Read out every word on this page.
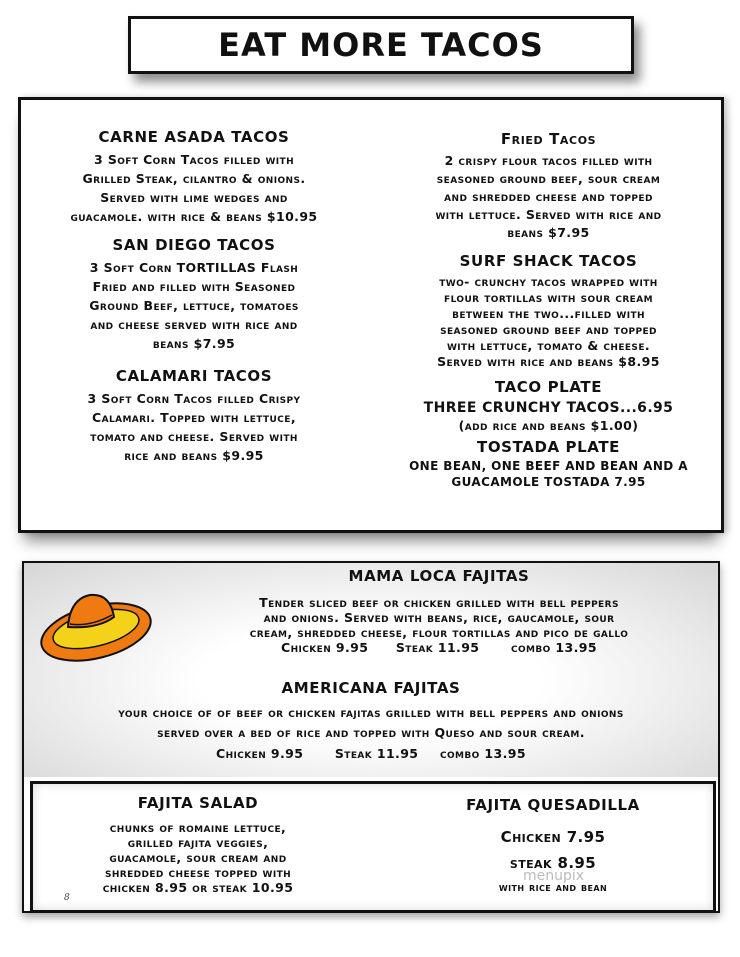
EAT MORE TACOS

CARNE ASADA TACOS

3 Soft Corn Tacos filled with

Grilled Steak, cilantro & onions.

Served with lime wedges and

guacamole. with rice & beans $10.95

SAN DIEGO TACOS

3 Soft Corn TORTILLAS Flash

Fried and filled with Seasoned

Ground Beef, lettuce, tomatoes

and cheese served with rice and

beans $7.95

CALAMARI TACOS

3 Soft Corn Tacos filled Crispy

Calamari. Topped with lettuce,

tomato and cheese. Served with

rice and beans $9.95

Fried Tacos

2 crispy flour tacos filled with

seasoned ground beef, sour cream

and shredded cheese and topped

with lettuce. Served with rice and

beans $7.95

SURF SHACK TACOS

two- crunchy tacos wrapped with

flour tortillas with sour cream

between the two...filled with

seasoned ground beef and topped

with lettuce, tomato & cheese.

Served with rice and beans $8.95

TACO PLATE

THREE CRUNCHY TACOS...6.95

(add rice and beans $1.00)

TOSTADA PLATE

ONE BEAN, ONE BEEF AND BEAN AND A

GUACAMOLE TOSTADA 7.95

MAMA LOCA FAJITAS

Tender sliced beef or chicken grilled with bell peppers

and onions. Served with beans, rice, gaucamole, sour

cream, shredded cheese, flour tortillas and pico de gallo

Chicken 9.95 Steak 11.95	combo 13.95

AMERICANA FAJITAS

your choice of of beef or chicken fajitas grilled with bell peppers and onions

served over a bed of rice and topped with Queso and sour cream.

Chicken 9.95	Steak 11.95 combo 13.95

FAJITA SALAD

chunks of romaine lettuce,

grilled fajita veggies,

guacamole, sour cream and

shredded cheese topped with

chicken 8.95 or steak 10.95

FAJITA QUESADILLA

Chicken 7.95

steak 8.95

with rice and bean

menupix
8
